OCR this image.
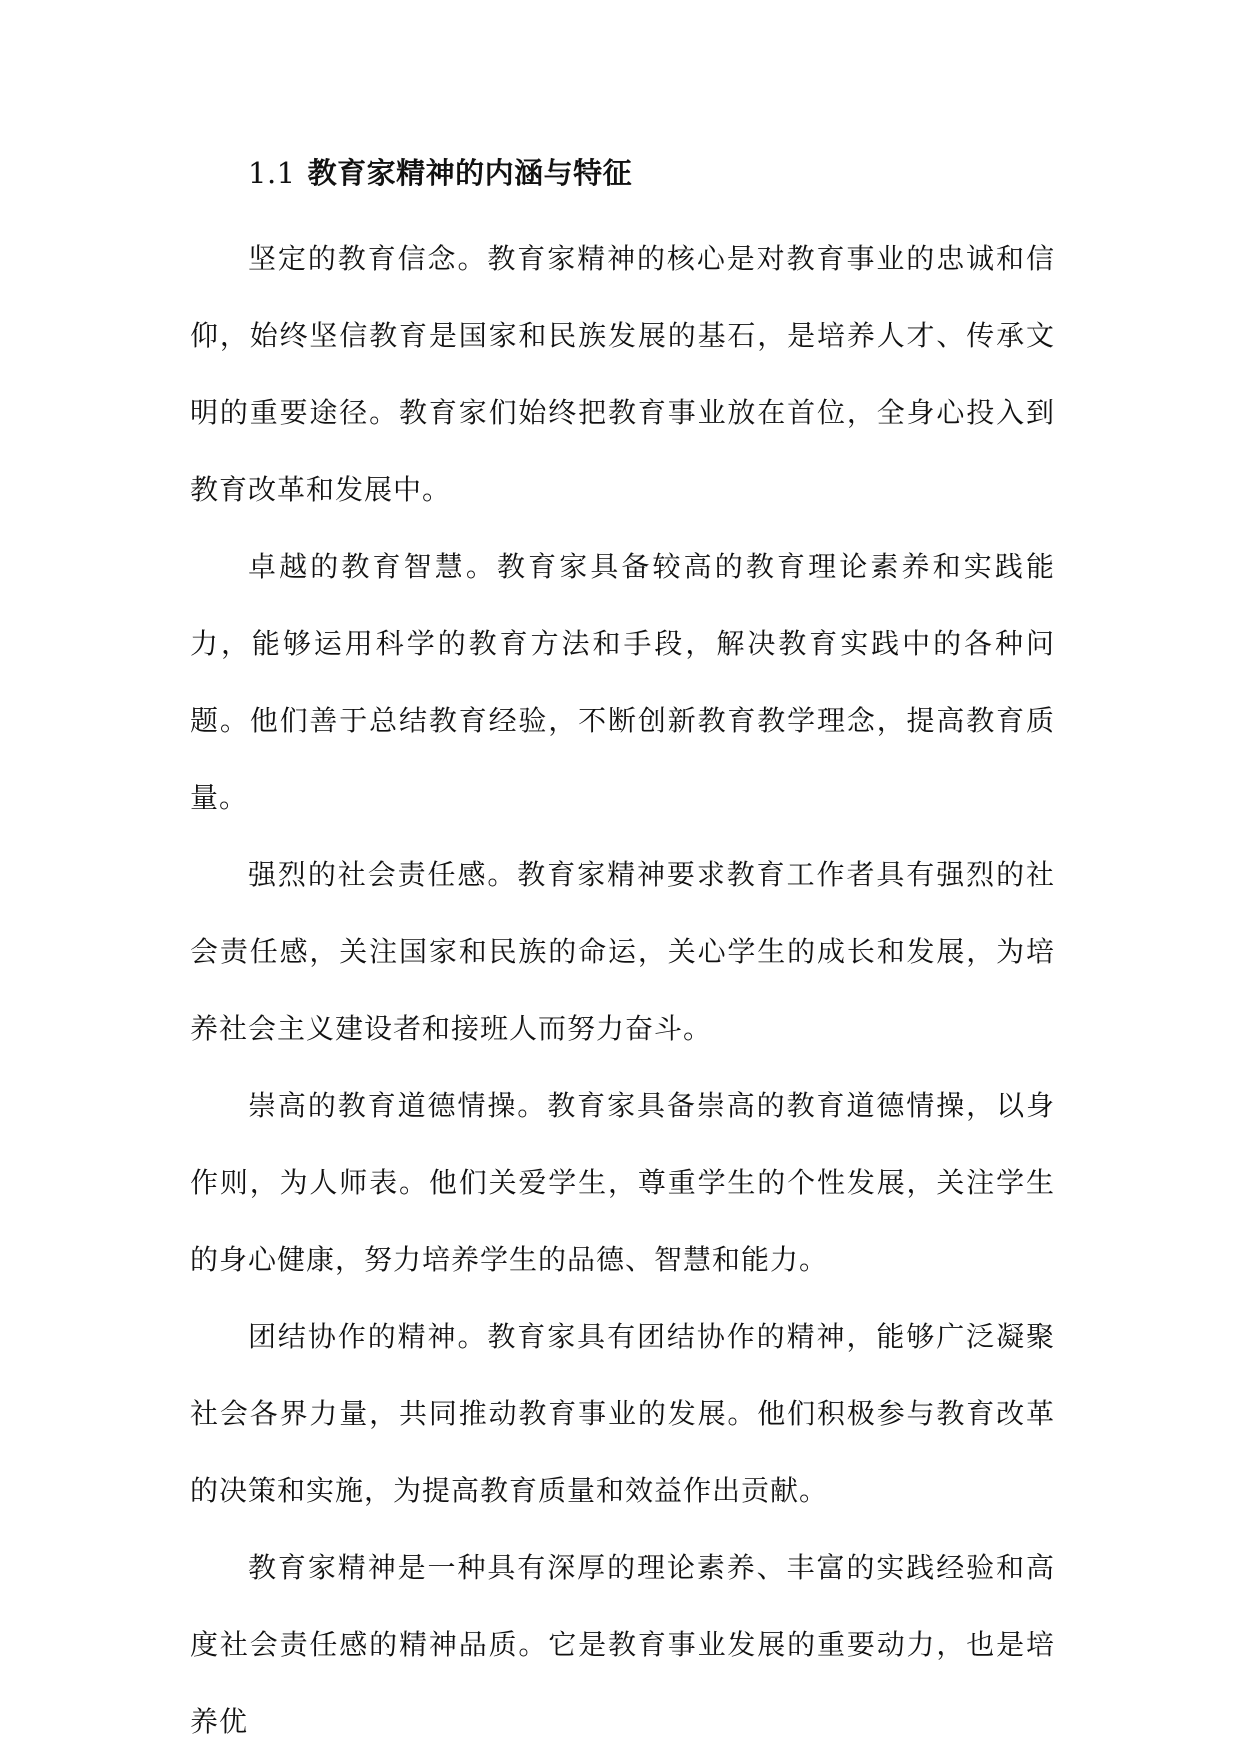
1.1 教育家精神的内涵与特征

坚定的教育信念。教育家精神的核心是对教育事业的忠诚和信仰，始终坚信教育是国家和民族发展的基石，是培养人才、传承文明的重要途径。教育家们始终把教育事业放在首位，全身心投入到教育改革和发展中。

卓越的教育智慧。教育家具备较高的教育理论素养和实践能力，能够运用科学的教育方法和手段，解决教育实践中的各种问题。他们善于总结教育经验，不断创新教育教学理念，提高教育质量。

强烈的社会责任感。教育家精神要求教育工作者具有强烈的社会责任感，关注国家和民族的命运，关心学生的成长和发展，为培养社会主义建设者和接班人而努力奋斗。

崇高的教育道德情操。教育家具备崇高的教育道德情操，以身作则，为人师表。他们关爱学生，尊重学生的个性发展，关注学生的身心健康，努力培养学生的品德、智慧和能力。

团结协作的精神。教育家具有团结协作的精神，能够广泛凝聚社会各界力量，共同推动教育事业的发展。他们积极参与教育改革的决策和实施，为提高教育质量和效益作出贡献。

教育家精神是一种具有深厚的理论素养、丰富的实践经验和高度社会责任感的精神品质。它是教育事业发展的重要动力，也是培养优
